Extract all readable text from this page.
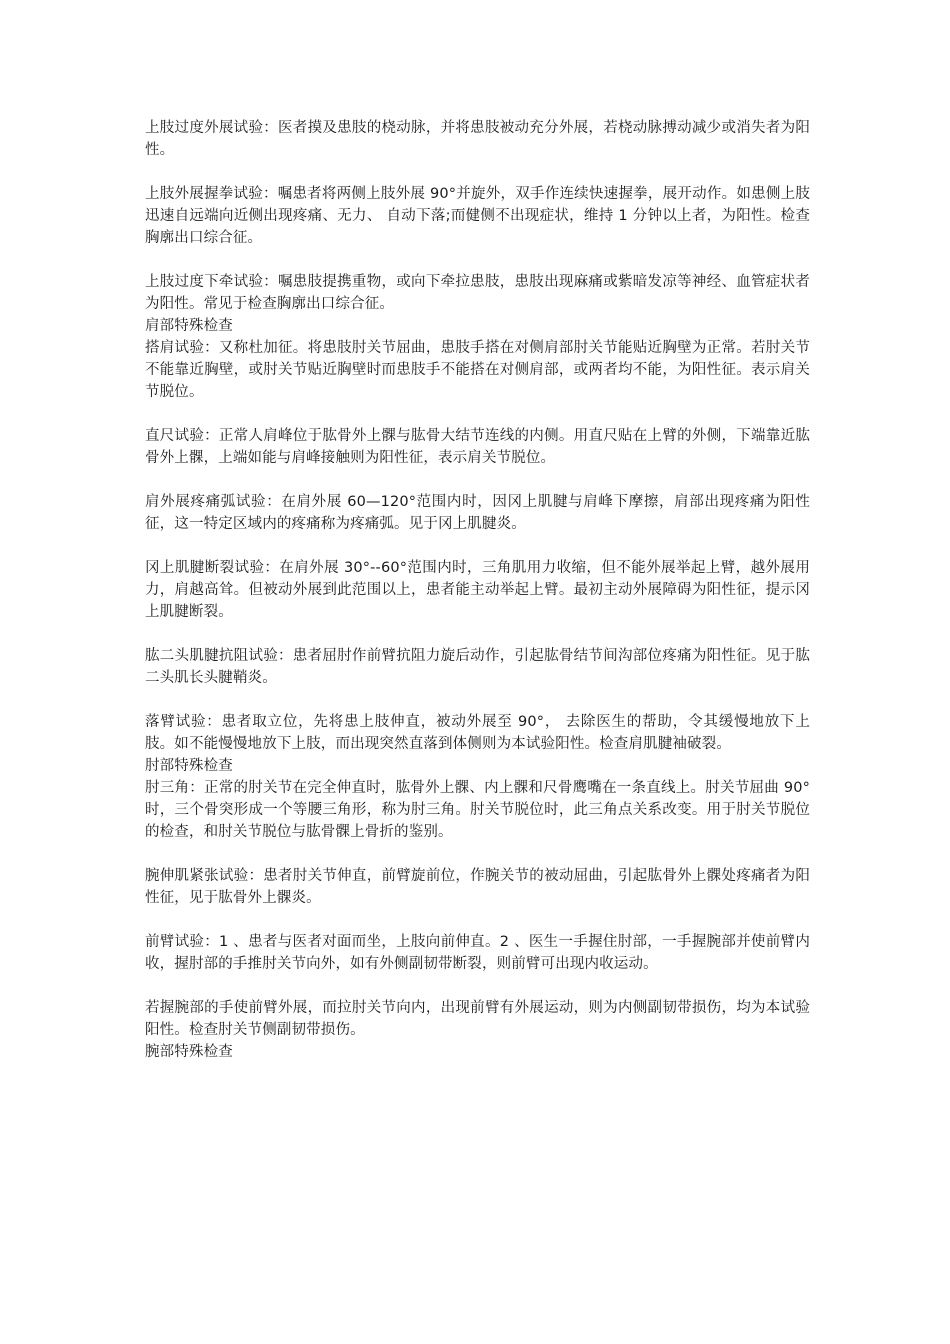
上肢过度外展试验：医者摸及患肢的桡动脉，并将患肢被动充分外展，若桡动脉搏动减少或消失者为阳性。

上肢外展握拳试验：嘱患者将两侧上肢外展 90°并旋外，双手作连续快速握拳，展开动作。如患侧上肢迅速自远端向近侧出现疼痛、无力、 自动下落;而健侧不出现症状，维持 1 分钟以上者，为阳性。检查胸廓出口综合征。

上肢过度下牵试验：嘱患肢提携重物，或向下牵拉患肢，患肢出现麻痛或紫暗发凉等神经、血管症状者为阳性。常见于检查胸廓出口综合征。

肩部特殊检查

搭肩试验：又称杜加征。将患肢肘关节屈曲，患肢手搭在对侧肩部肘关节能贴近胸壁为正常。若肘关节不能靠近胸壁，或肘关节贴近胸壁时而患肢手不能搭在对侧肩部，或两者均不能，为阳性征。表示肩关节脱位。

直尺试验：正常人肩峰位于肱骨外上髁与肱骨大结节连线的内侧。用直尺贴在上臂的外侧，下端靠近肱骨外上髁，上端如能与肩峰接触则为阳性征，表示肩关节脱位。

肩外展疼痛弧试验：在肩外展 60—120°范围内时，因冈上肌腱与肩峰下摩擦，肩部出现疼痛为阳性征，这一特定区域内的疼痛称为疼痛弧。见于冈上肌腱炎。

冈上肌腱断裂试验：在肩外展 30°--60°范围内时，三角肌用力收缩，但不能外展举起上臂，越外展用力，肩越高耸。但被动外展到此范围以上，患者能主动举起上臂。最初主动外展障碍为阳性征，提示冈上肌腱断裂。

肱二头肌腱抗阻试验：患者屈肘作前臂抗阻力旋后动作，引起肱骨结节间沟部位疼痛为阳性征。见于肱二头肌长头腱鞘炎。

落臂试验：患者取立位，先将患上肢伸直，被动外展至 90°， 去除医生的帮助，令其缓慢地放下上肢。如不能慢慢地放下上肢，而出现突然直落到体侧则为本试验阳性。检查肩肌腱袖破裂。

肘部特殊检查

肘三角：正常的肘关节在完全伸直时，肱骨外上髁、内上髁和尺骨鹰嘴在一条直线上。肘关节屈曲 90°时，三个骨突形成一个等腰三角形，称为肘三角。肘关节脱位时，此三角点关系改变。用于肘关节脱位的检查，和肘关节脱位与肱骨髁上骨折的鉴别。

腕伸肌紧张试验：患者肘关节伸直，前臂旋前位，作腕关节的被动屈曲，引起肱骨外上髁处疼痛者为阳性征，见于肱骨外上髁炎。

前臂试验：1 、患者与医者对面而坐，上肢向前伸直。2 、医生一手握住肘部，一手握腕部并使前臂内收，握肘部的手推肘关节向外，如有外侧副韧带断裂，则前臂可出现内收运动。

若握腕部的手使前臂外展，而拉肘关节向内，出现前臂有外展运动，则为内侧副韧带损伤，均为本试验阳性。检查肘关节侧副韧带损伤。

腕部特殊检查
